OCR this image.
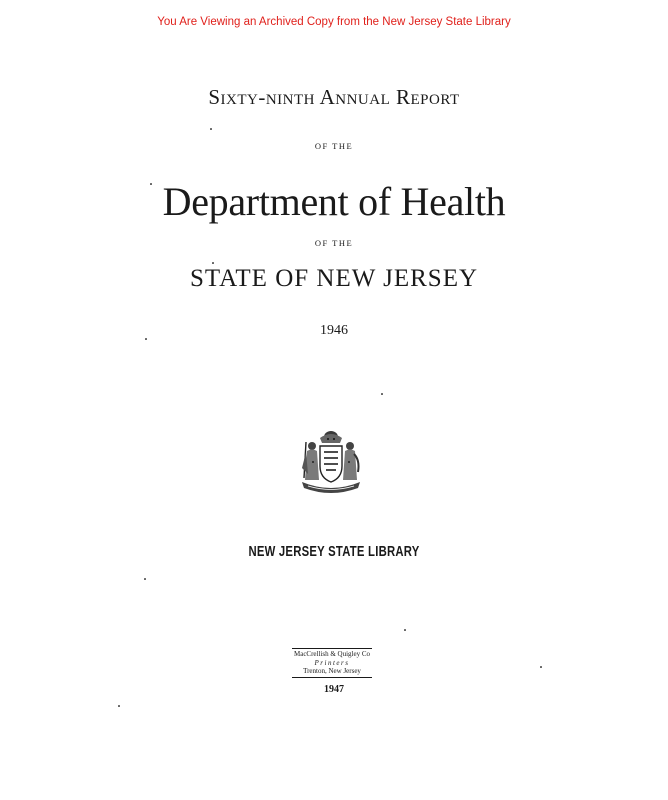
You Are Viewing an Archived Copy from the New Jersey State Library
Sixty-ninth Annual Report
OF THE
Department of Health
OF THE
STATE OF NEW JERSEY
1946
NEW JERSEY STATE LIBRARY
MacCrellish & Quigley Co
Printers
Trenton, New Jersey
1947
